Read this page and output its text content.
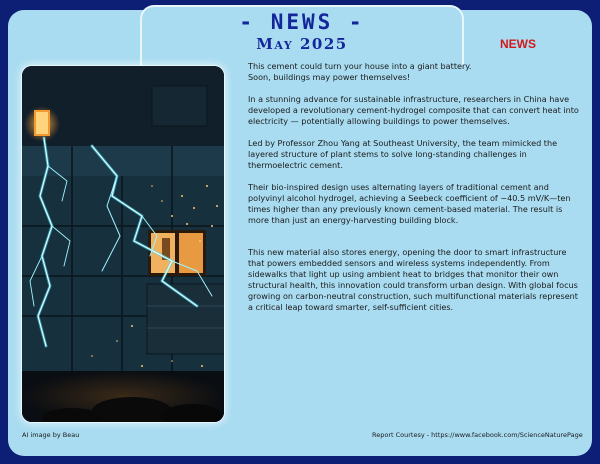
- NEWS -
May 2025	NEWS

This cement could turn your house into a giant battery.
Soon, buildings may power themselves!

In a stunning advance for sustainable infrastructure, researchers in China have developed a revolutionary cement-hydrogel composite that can convert heat into electricity — potentially allowing buildings to power themselves.

Led by Professor Zhou Yang at Southeast University, the team mimicked the layered structure of plant stems to solve long-standing challenges in thermoelectric cement.

Their bio-inspired design uses alternating layers of traditional cement and polyvinyl alcohol hydrogel, achieving a Seebeck coefficient of −40.5 mV/K—ten times higher than any previously known cement-based material. The result is more than just an energy-harvesting building block.

This new material also stores energy, opening the door to smart infrastructure that powers embedded sensors and wireless systems independently. From sidewalks that light up using ambient heat to bridges that monitor their own structural health, this innovation could transform urban design. With global focus growing on carbon-neutral construction, such multifunctional materials represent a critical leap toward smarter, self-sufficient cities.

AI image by Beau	Report Courtesy - https://www.facebook.com/ScienceNaturePage
